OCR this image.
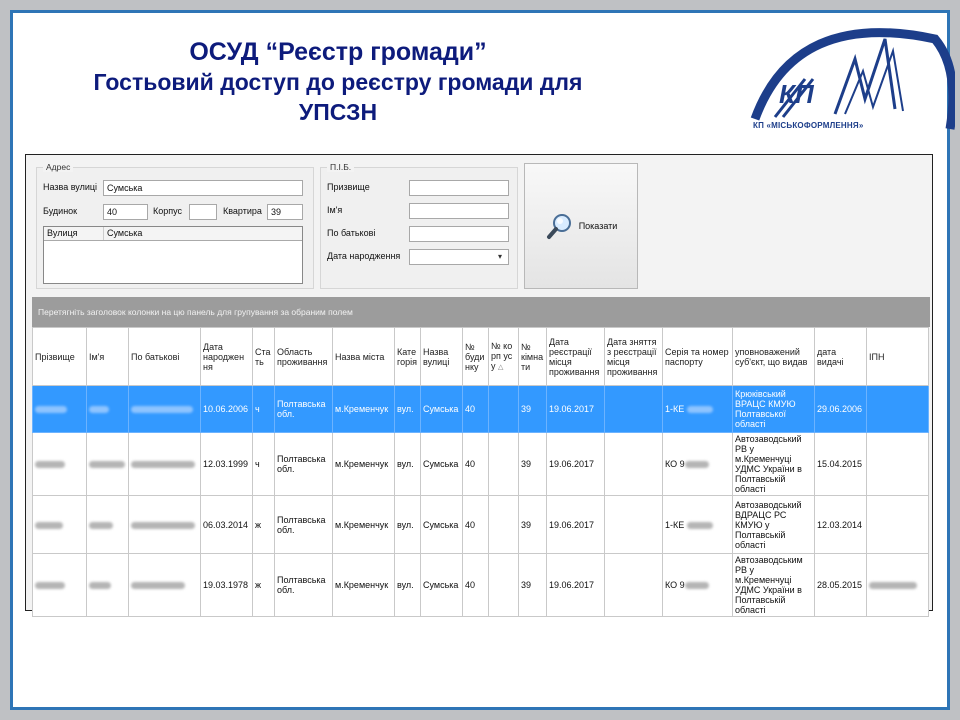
ОСУД “Реєстр громади”
Гостьовий доступ до реєстру громади для
УПСЗН
КП
КП «МІСЬКОФОРМЛЕННЯ»
Адрес
Назва вулиці	Сумська
Будинок	40	Корпус	Квартира	39
Вулиця	Сумська
П.І.Б.
Призвище
Ім'я
По батькові
Дата народження	▾
Показати
Перетягніть заголовок колонки на цю панель для групування за обраним полем
Прізвище	Ім'я	По батькові	Дата народжен ня	Ста ть	Область проживання	Назва міста	Кате горія	Назва вулиці	№ буди нку	№ ко рп ус у △	№ кімна ти	Дата реєстрації місця проживання	Дата зняття з реєстрації місця проживання	Серія та номер паспорту	уповноважений суб'єкт, що видав	дата видачі	ІПН
			10.06.2006	ч	Полтавська обл.	м.Кременчук	вул.	Сумська	40		39	19.06.2017		1-КЕ	Крюківський ВРАЦС КМУЮ Полтавської області	29.06.2006	
			12.03.1999	ч	Полтавська обл.	м.Кременчук	вул.	Сумська	40		39	19.06.2017		КО 9	Автозаводський РВ у м.Кременчуці УДМС України в Полтавській області	15.04.2015	
			06.03.2014	ж	Полтавська обл.	м.Кременчук	вул.	Сумська	40		39	19.06.2017		1-КЕ	Автозаводський ВДРАЦС РС КМУЮ у Полтавській області	12.03.2014	
			19.03.1978	ж	Полтавська обл.	м.Кременчук	вул.	Сумська	40		39	19.06.2017		КО 9	Автозаводським РВ у м.Кременчуці УДМС України в Полтавській області	28.05.2015	
